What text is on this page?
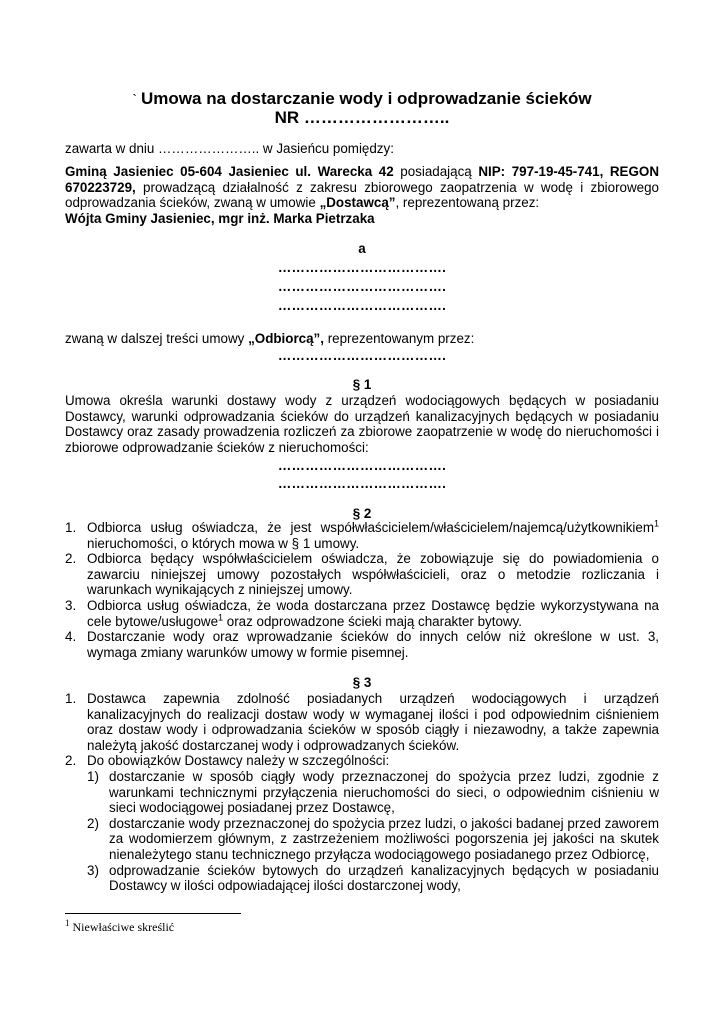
` Umowa na dostarczanie wody i odprowadzanie ścieków
NR ……………………..
zawarta w dniu ………………….. w Jasieńcu pomiędzy:
Gminą Jasieniec 05-604 Jasieniec ul. Warecka 42 posiadającą NIP: 797-19-45-741, REGON 670223729, prowadzącą działalność z zakresu zbiorowego zaopatrzenia w wodę i zbiorowego odprowadzania ścieków, zwaną w umowie „Dostawcą”, reprezentowaną przez:
Wójta Gminy Jasieniec, mgr inż. Marka Pietrzaka
a
……………………………….
……………………………….
……………………………….
zwaną w dalszej treści umowy „Odbiorcą”, reprezentowanym przez:
……………………………….
§ 1
Umowa określa warunki dostawy wody z urządzeń wodociągowych będących w posiadaniu Dostawcy, warunki odprowadzania ścieków do urządzeń kanalizacyjnych będących w posiadaniu Dostawcy oraz zasady prowadzenia rozliczeń za zbiorowe zaopatrzenie w wodę do nieruchomości i zbiorowe odprowadzanie ścieków z nieruchomości:
……………………………….
……………………………….
§ 2
1. Odbiorca usług oświadcza, że jest współwłaścicielem/właścicielem/najemcą/użytkownikiem$^1$ nieruchomości, o których mowa w § 1 umowy.
2. Odbiorca będący współwłaścicielem oświadcza, że zobowiązuje się do powiadomienia o zawarciu niniejszej umowy pozostałych współwłaścicieli, oraz o metodzie rozliczania i warunkach wynikających z niniejszej umowy.
3. Odbiorca usług oświadcza, że woda dostarczana przez Dostawcę będzie wykorzystywana na cele bytowe/usługowe$^1$ oraz odprowadzone ścieki mają charakter bytowy.
4. Dostarczanie wody oraz wprowadzanie ścieków do innych celów niż określone w ust. 3, wymaga zmiany warunków umowy w formie pisemnej.
§ 3
1. Dostawca zapewnia zdolność posiadanych urządzeń wodociągowych i urządzeń kanalizacyjnych do realizacji dostaw wody w wymaganej ilości i pod odpowiednim ciśnieniem oraz dostaw wody i odprowadzania ścieków w sposób ciągły i niezawodny, a także zapewnia należytą jakość dostarczanej wody i odprowadzanych ścieków.
2. Do obowiązków Dostawcy należy w szczególności:
1) dostarczanie w sposób ciągły wody przeznaczonej do spożycia przez ludzi, zgodnie z warunkami technicznymi przyłączenia nieruchomości do sieci, o odpowiednim ciśnieniu w sieci wodociągowej posiadanej przez Dostawcę,
2) dostarczanie wody przeznaczonej do spożycia przez ludzi, o jakości badanej przed zaworem za wodomierzem głównym, z zastrzeżeniem możliwości pogorszenia jej jakości na skutek nienależytego stanu technicznego przyłącza wodociągowego posiadanego przez Odbiorcę,
3) odprowadzanie ścieków bytowych do urządzeń kanalizacyjnych będących w posiadaniu Dostawcy w ilości odpowiadającej ilości dostarczonej wody,
$^1$ Niewłaściwe skreślić
